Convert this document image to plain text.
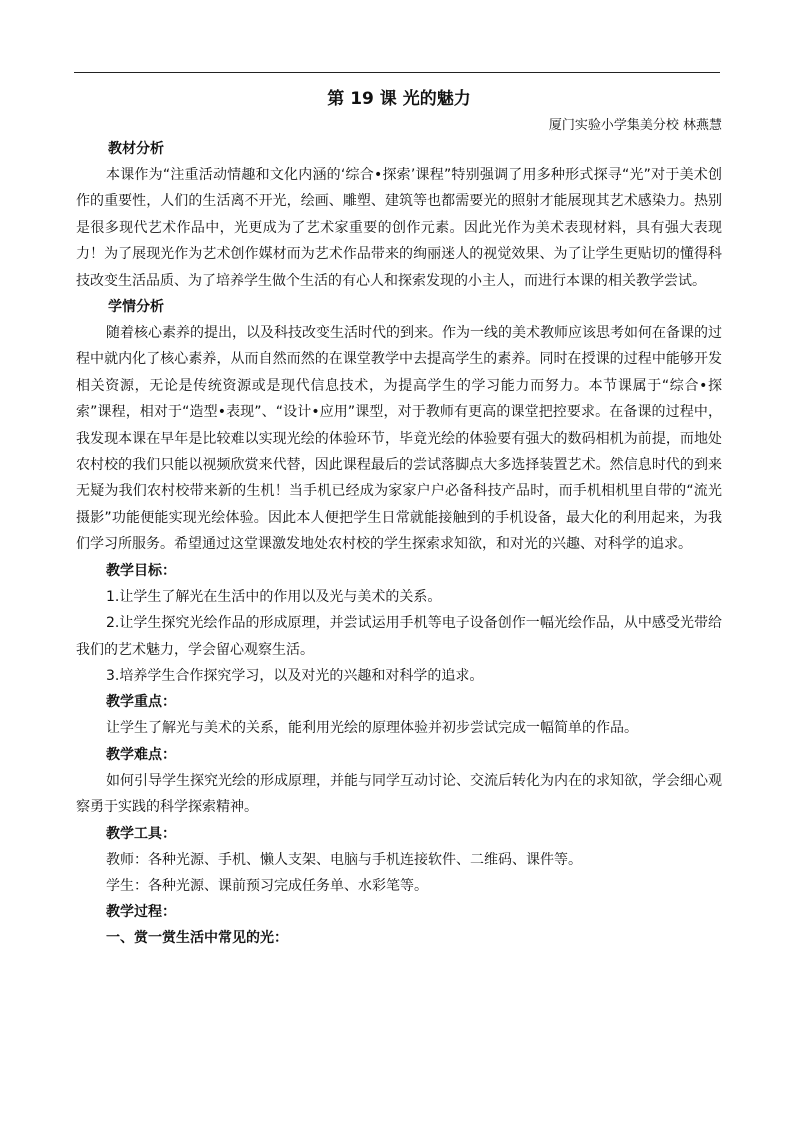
第 19 课 光的魅力
厦门实验小学集美分校 林燕慧
教材分析

本课作为“注重活动情趣和文化内涵的‘综合•探索’课程”特别强调了用多种形式探寻“光”对于美术创作的重要性，人们的生活离不开光，绘画、雕塑、建筑等也都需要光的照射才能展现其艺术感染力。热别是很多现代艺术作品中，光更成为了艺术家重要的创作元素。因此光作为美术表现材料，具有强大表现力！为了展现光作为艺术创作媒材而为艺术作品带来的绚丽迷人的视觉效果、为了让学生更贴切的懂得科技改变生活品质、为了培养学生做个生活的有心人和探索发现的小主人，而进行本课的相关教学尝试。

学情分析

随着核心素养的提出，以及科技改变生活时代的到来。作为一线的美术教师应该思考如何在备课的过程中就内化了核心素养，从而自然而然的在课堂教学中去提高学生的素养。同时在授课的过程中能够开发相关资源，无论是传统资源或是现代信息技术，为提高学生的学习能力而努力。本节课属于“综合•探索”课程，相对于“造型•表现”、“设计•应用”课型，对于教师有更高的课堂把控要求。在备课的过程中，我发现本课在早年是比较难以实现光绘的体验环节，毕竟光绘的体验要有强大的数码相机为前提，而地处农村校的我们只能以视频欣赏来代替，因此课程最后的尝试落脚点大多选择装置艺术。然信息时代的到来无疑为我们农村校带来新的生机！当手机已经成为家家户户必备科技产品时，而手机相机里自带的“流光摄影”功能便能实现光绘体验。因此本人便把学生日常就能接触到的手机设备，最大化的利用起来，为我们学习所服务。希望通过这堂课激发地处农村校的学生探索求知欲，和对光的兴趣、对科学的追求。

教学目标：

1.让学生了解光在生活中的作用以及光与美术的关系。

2.让学生探究光绘作品的形成原理，并尝试运用手机等电子设备创作一幅光绘作品，从中感受光带给我们的艺术魅力，学会留心观察生活。

3.培养学生合作探究学习，以及对光的兴趣和对科学的追求。

教学重点：

让学生了解光与美术的关系，能利用光绘的原理体验并初步尝试完成一幅简单的作品。

教学难点：

如何引导学生探究光绘的形成原理，并能与同学互动讨论、交流后转化为内在的求知欲，学会细心观察勇于实践的科学探索精神。

教学工具：

教师：各种光源、手机、懒人支架、电脑与手机连接软件、二维码、课件等。

学生：各种光源、课前预习完成任务单、水彩笔等。

教学过程：
一、赏一赏生活中常见的光：
